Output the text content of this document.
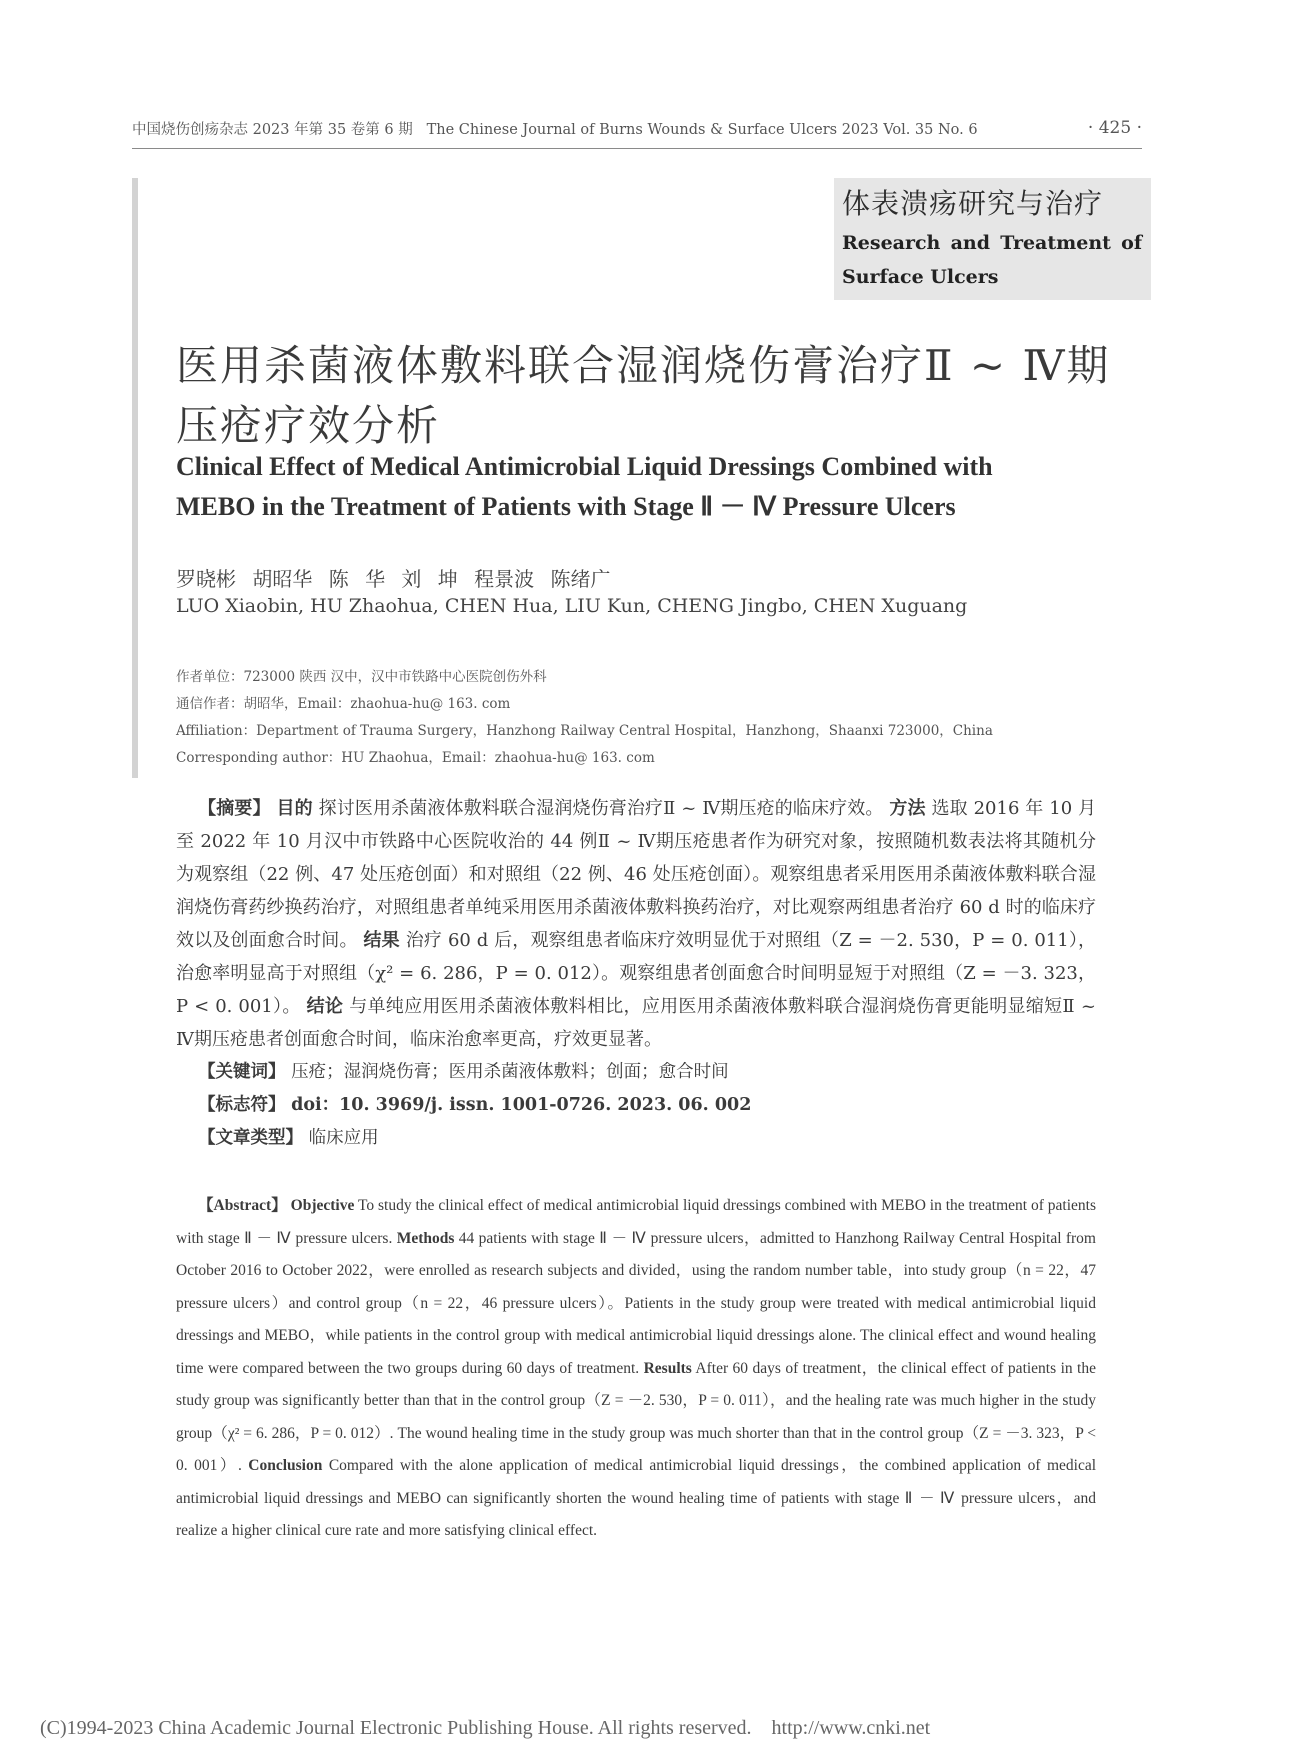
中国烧伤创疡杂志 2023 年第 35 卷第 6 期 The Chinese Journal of Burns Wounds & Surface Ulcers 2023 Vol. 35 No. 6	· 425 ·
体表溃疡研究与治疗
Research and Treatment of
Surface Ulcers
医用杀菌液体敷料联合湿润烧伤膏治疗Ⅱ ~ Ⅳ期
压疮疗效分析
Clinical Effect of Medical Antimicrobial Liquid Dressings Combined with
MEBO in the Treatment of Patients with Stage Ⅱ － Ⅳ Pressure Ulcers
罗晓彬 胡昭华 陈 华 刘 坤 程景波 陈绪广
LUO Xiaobin, HU Zhaohua, CHEN Hua, LIU Kun, CHENG Jingbo, CHEN Xuguang
作者单位：723000 陕西 汉中，汉中市铁路中心医院创伤外科
通信作者：胡昭华，Email：zhaohua-hu@ 163. com
Affiliation：Department of Trauma Surgery，Hanzhong Railway Central Hospital，Hanzhong，Shaanxi 723000，China
Corresponding author：HU Zhaohua，Email：zhaohua-hu@ 163. com
【摘要】 目的 探讨医用杀菌液体敷料联合湿润烧伤膏治疗Ⅱ ~ Ⅳ期压疮的临床疗效。 方法 选取 2016 年 10 月至 2022 年 10 月汉中市铁路中心医院收治的 44 例Ⅱ ~ Ⅳ期压疮患者作为研究对象，按照随机数表法将其随机分为观察组（22 例、47 处压疮创面）和对照组（22 例、46 处压疮创面）。观察组患者采用医用杀菌液体敷料联合湿润烧伤膏药纱换药治疗，对照组患者单纯采用医用杀菌液体敷料换药治疗，对比观察两组患者治疗 60 d 时的临床疗效以及创面愈合时间。 结果 治疗 60 d 后，观察组患者临床疗效明显优于对照组（Z = －2. 530，P = 0. 011），治愈率明显高于对照组（χ² = 6. 286，P = 0. 012）。观察组患者创面愈合时间明显短于对照组（Z = －3. 323，P < 0. 001）。 结论 与单纯应用医用杀菌液体敷料相比，应用医用杀菌液体敷料联合湿润烧伤膏更能明显缩短Ⅱ ~ Ⅳ期压疮患者创面愈合时间，临床治愈率更高，疗效更显著。
【关键词】 压疮；湿润烧伤膏；医用杀菌液体敷料；创面；愈合时间
【标志符】 doi：10. 3969/j. issn. 1001-0726. 2023. 06. 002
【文章类型】 临床应用
【Abstract】 Objective To study the clinical effect of medical antimicrobial liquid dressings combined with MEBO in the treatment of patients with stage Ⅱ － Ⅳ pressure ulcers. Methods 44 patients with stage Ⅱ － Ⅳ pressure ulcers，admitted to Hanzhong Railway Central Hospital from October 2016 to October 2022，were enrolled as research subjects and divided，using the random number table，into study group（n = 22，47 pressure ulcers）and control group（n = 22，46 pressure ulcers）。Patients in the study group were treated with medical antimicrobial liquid dressings and MEBO，while patients in the control group with medical antimicrobial liquid dressings alone. The clinical effect and wound healing time were compared between the two groups during 60 days of treatment. Results After 60 days of treatment，the clinical effect of patients in the study group was significantly better than that in the control group（Z = －2. 530，P = 0. 011），and the healing rate was much higher in the study group（χ² = 6. 286，P = 0. 012）. The wound healing time in the study group was much shorter than that in the control group（Z = －3. 323，P < 0. 001）. Conclusion Compared with the alone application of medical antimicrobial liquid dressings，the combined application of medical antimicrobial liquid dressings and MEBO can significantly shorten the wound healing time of patients with stage Ⅱ － Ⅳ pressure ulcers，and realize a higher clinical cure rate and more satisfying clinical effect.
(C)1994-2023 China Academic Journal Electronic Publishing House. All rights reserved.    http://www.cnki.net
